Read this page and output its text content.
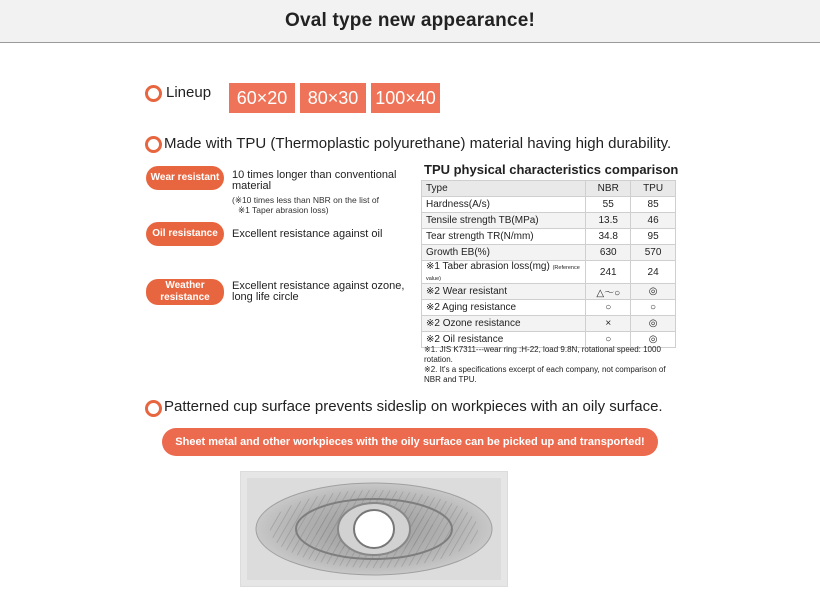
Oval type new appearance!
Lineup	60×20	80×30 100×40
Made with TPU (Thermoplastic polyurethane) material having high durability.
Wear resistant	10 times longer than conventional
material
(※10 times less than NBR on the list of
※1 Taper abrasion loss)
Oil resistance	Excellent resistance against oil
Weather
resistance
Excellent resistance against ozone,
long life circle
TPU physical characteristics comparison
Type	NBR	TPU
Hardness(A/s)	55	85
Tensile strength TB(MPa)	13.5	46
Tear strength TR(N/mm)	34.8	95
Growth EB(%)	630	570
※1 Taber abrasion loss(mg) (Reference value)	241	24
※2 Wear resistant	△〜○	◎
※2 Aging resistance	○	○
※2 Ozone resistance	×	◎
※2 Oil resistance	○	◎
※1. JIS K7311---wear ring :H-22, load 9.8N, rotational speed: 1000 rotation.
※2. It's a specifications excerpt of each company, not comparison of NBR and TPU.
Patterned cup surface prevents sideslip on workpieces with an oily surface.
Sheet metal and other workpieces with the oily surface can be picked up and transported!
